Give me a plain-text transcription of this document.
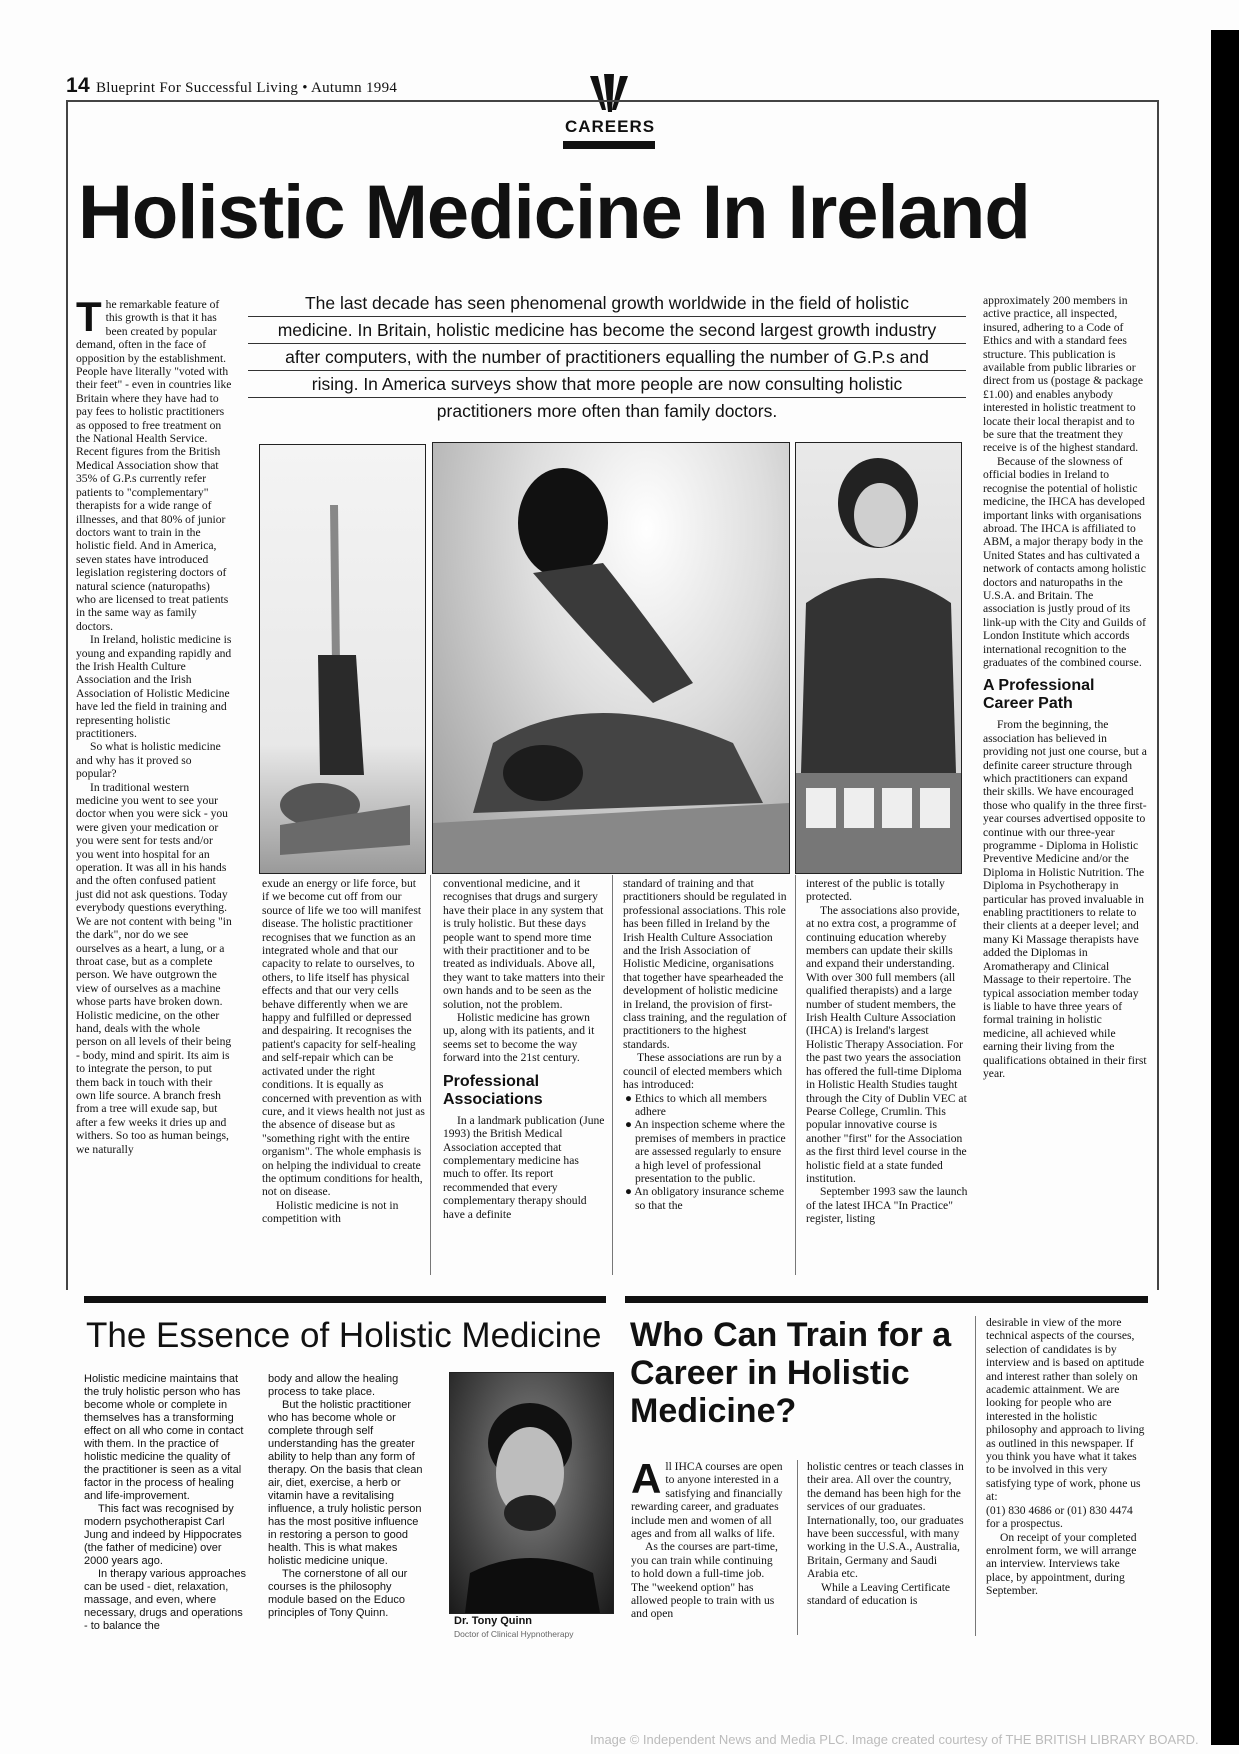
14 Blueprint For Successful Living • Autumn 1994
CAREERS
Holistic Medicine In Ireland

The remarkable feature of this growth is that it has been created by popular demand, often in the face of opposition by the establishment. People have literally "voted with their feet" - even in countries like Britain where they have had to pay fees to holistic practitioners as opposed to free treatment on the National Health Service. Recent figures from the British Medical Association show that 35% of G.P.s currently refer patients to "complementary" therapists for a wide range of illnesses, and that 80% of junior doctors want to train in the holistic field. And in America, seven states have introduced legislation registering doctors of natural science (naturopaths) who are licensed to treat patients in the same way as family doctors.

In Ireland, holistic medicine is young and expanding rapidly and the Irish Health Culture Association and the Irish Association of Holistic Medicine have led the field in training and representing holistic practitioners.

So what is holistic medicine and why has it proved so popular?

In traditional western medicine you went to see your doctor when you were sick - you were given your medication or you were sent for tests and/or you went into hospital for an operation. It was all in his hands and the often confused patient just did not ask questions. Today everybody questions everything. We are not content with being "in the dark", nor do we see ourselves as a heart, a lung, or a throat case, but as a complete person. We have outgrown the view of ourselves as a machine whose parts have broken down. Holistic medicine, on the other hand, deals with the whole person on all levels of their being - body, mind and spirit. Its aim is to integrate the person, to put them back in touch with their own life source. A branch fresh from a tree will exude sap, but after a few weeks it dries up and withers. So too as human beings, we naturally

The last decade has seen phenomenal growth worldwide in the field of holistic
medicine. In Britain, holistic medicine has become the second largest growth industry
after computers, with the number of practitioners equalling the number of G.P.s and
rising. In America surveys show that more people are now consulting holistic
practitioners more often than family doctors.

exude an energy or life force, but if we become cut off from our source of life we too will manifest disease. The holistic practitioner recognises that we function as an integrated whole and that our capacity to relate to ourselves, to others, to life itself has physical effects and that our very cells behave differently when we are happy and fulfilled or depressed and despairing. It recognises the patient's capacity for self-healing and self-repair which can be activated under the right conditions. It is equally as concerned with prevention as with cure, and it views health not just as the absence of disease but as "something right with the entire organism". The whole emphasis is on helping the individual to create the optimum conditions for health, not on disease.

Holistic medicine is not in competition with

conventional medicine, and it recognises that drugs and surgery have their place in any system that is truly holistic. But these days people want to spend more time with their practitioner and to be treated as individuals. Above all, they want to take matters into their own hands and to be seen as the solution, not the problem.

Holistic medicine has grown up, along with its patients, and it seems set to become the way forward into the 21st century.

Professional Associations

In a landmark publication (June 1993) the British Medical Association accepted that complementary medicine has much to offer. Its report recommended that every complementary therapy should have a definite

standard of training and that practitioners should be regulated in professional associations. This role has been filled in Ireland by the Irish Health Culture Association and the Irish Association of Holistic Medicine, organisations that together have spearheaded the development of holistic medicine in Ireland, the provision of first-class training, and the regulation of practitioners to the highest standards.

These associations are run by a council of elected members which has introduced:

● Ethics to which all members adhere
● An inspection scheme where the premises of members in practice are assessed regularly to ensure a high level of professional presentation to the public.
● An obligatory insurance scheme so that the

interest of the public is totally protected.

The associations also provide, at no extra cost, a programme of continuing education whereby members can update their skills and expand their understanding. With over 300 full members (all qualified therapists) and a large number of student members, the Irish Health Culture Association (IHCA) is Ireland's largest Holistic Therapy Association. For the past two years the association has offered the full-time Diploma in Holistic Health Studies taught through the City of Dublin VEC at Pearse College, Crumlin. This popular innovative course is another "first" for the Association as the first third level course in the holistic field at a state funded institution.

September 1993 saw the launch of the latest IHCA "In Practice" register, listing

approximately 200 members in active practice, all inspected, insured, adhering to a Code of Ethics and with a standard fees structure. This publication is available from public libraries or direct from us (postage & package £1.00) and enables anybody interested in holistic treatment to locate their local therapist and to be sure that the treatment they receive is of the highest standard.

Because of the slowness of official bodies in Ireland to recognise the potential of holistic medicine, the IHCA has developed important links with organisations abroad. The IHCA is affiliated to ABM, a major therapy body in the United States and has cultivated a network of contacts among holistic doctors and naturopaths in the U.S.A. and Britain. The association is justly proud of its link-up with the City and Guilds of London Institute which accords international recognition to the graduates of the combined course.

A Professional Career Path

From the beginning, the association has believed in providing not just one course, but a definite career structure through which practitioners can expand their skills. We have encouraged those who qualify in the three first-year courses advertised opposite to continue with our three-year programme - Diploma in Holistic Preventive Medicine and/or the Diploma in Holistic Nutrition. The Diploma in Psychotherapy in particular has proved invaluable in enabling practitioners to relate to their clients at a deeper level; and many Ki Massage therapists have added the Diplomas in Aromatherapy and Clinical Massage to their repertoire. The typical association member today is liable to have three years of formal training in holistic medicine, all achieved while earning their living from the qualifications obtained in their first year.

The Essence of Holistic Medicine

Holistic medicine maintains that the truly holistic person who has become whole or complete in themselves has a transforming effect on all who come in contact with them. In the practice of holistic medicine the quality of the practitioner is seen as a vital factor in the process of healing and life-improvement.

This fact was recognised by modern psychotherapist Carl Jung and indeed by Hippocrates (the father of medicine) over 2000 years ago.

In therapy various approaches can be used - diet, relaxation, massage, and even, where necessary, drugs and operations - to balance the

body and allow the healing process to take place.

But the holistic practitioner who has become whole or complete through self understanding has the greater ability to help than any form of therapy. On the basis that clean air, diet, exercise, a herb or vitamin have a revitalising influence, a truly holistic person has the most positive influence in restoring a person to good health. This is what makes holistic medicine unique.

The cornerstone of all our courses is the philosophy module based on the Educo principles of Tony Quinn.

Dr. Tony Quinn
Doctor of Clinical Hypnotherapy
Who Can Train for a Career in Holistic Medicine?

All IHCA courses are open to anyone interested in a satisfying and financially rewarding career, and graduates include men and women of all ages and from all walks of life.

As the courses are part-time, you can train while continuing to hold down a full-time job. The "weekend option" has allowed people to train with us and open

holistic centres or teach classes in their area. All over the country, the demand has been high for the services of our graduates. Internationally, too, our graduates have been successful, with many working in the U.S.A., Australia, Britain, Germany and Saudi Arabia etc.

While a Leaving Certificate standard of education is

desirable in view of the more technical aspects of the courses, selection of candidates is by interview and is based on aptitude and interest rather than solely on academic attainment. We are looking for people who are interested in the holistic philosophy and approach to living as outlined in this newspaper. If you think you have what it takes to be involved in this very satisfying type of work, phone us at:

(01) 830 4686 or (01) 830 4474

for a prospectus.

On receipt of your completed enrolment form, we will arrange an interview. Interviews take place, by appointment, during September.

Image © Independent News and Media PLC. Image created courtesy of THE BRITISH LIBRARY BOARD.
